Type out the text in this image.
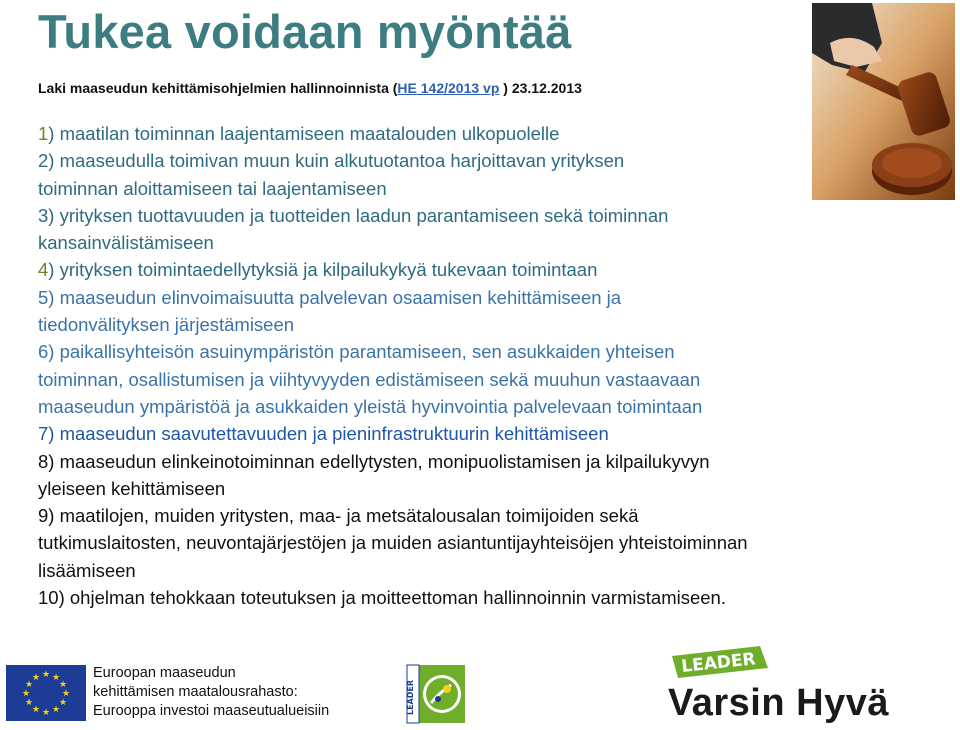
Tukea voidaan myöntää
Laki maaseudun kehittämisohjelmien hallinnoinnista (HE 142/2013 vp ) 23.12.2013

1) maatilan toiminnan laajentamiseen maatalouden ulkopuolelle

2) maaseudulla toimivan muun kuin alkutuotantoa harjoittavan yrityksen

toiminnan aloittamiseen tai laajentamiseen

3) yrityksen tuottavuuden ja tuotteiden laadun parantamiseen sekä toiminnan

kansainvälistämiseen

4) yrityksen toimintaedellytyksiä ja kilpailukykyä tukevaan toimintaan

5) maaseudun elinvoimaisuutta palvelevan osaamisen kehittämiseen ja

tiedonvälityksen järjestämiseen

6) paikallisyhteisön asuinympäristön parantamiseen, sen asukkaiden yhteisen

toiminnan, osallistumisen ja viihtyvyyden edistämiseen sekä muuhun vastaavaan

maaseudun ympäristöä ja asukkaiden yleistä hyvinvointia palvelevaan toimintaan

7) maaseudun saavutettavuuden ja pieninfrastruktuurin kehittämiseen

8) maaseudun elinkeinotoiminnan edellytysten, monipuolistamisen ja kilpailukyvyn

yleiseen kehittämiseen

9) maatilojen, muiden yritysten, maa- ja metsätalousalan toimijoiden sekä

tutkimuslaitosten, neuvontajärjestöjen ja muiden asiantuntijayhteisöjen yhteistoiminnan

lisäämiseen

10) ohjelman tehokkaan toteutuksen ja moitteettoman hallinnoinnin varmistamiseen.

★ ★
★
★
★
★
★
★
★
★
★
★	Euroopan maaseudun
kehittämisen maatalousrahasto:
Eurooppa investoi maaseutualueisiin	LEADER
LEADER
Varsin Hyvä
